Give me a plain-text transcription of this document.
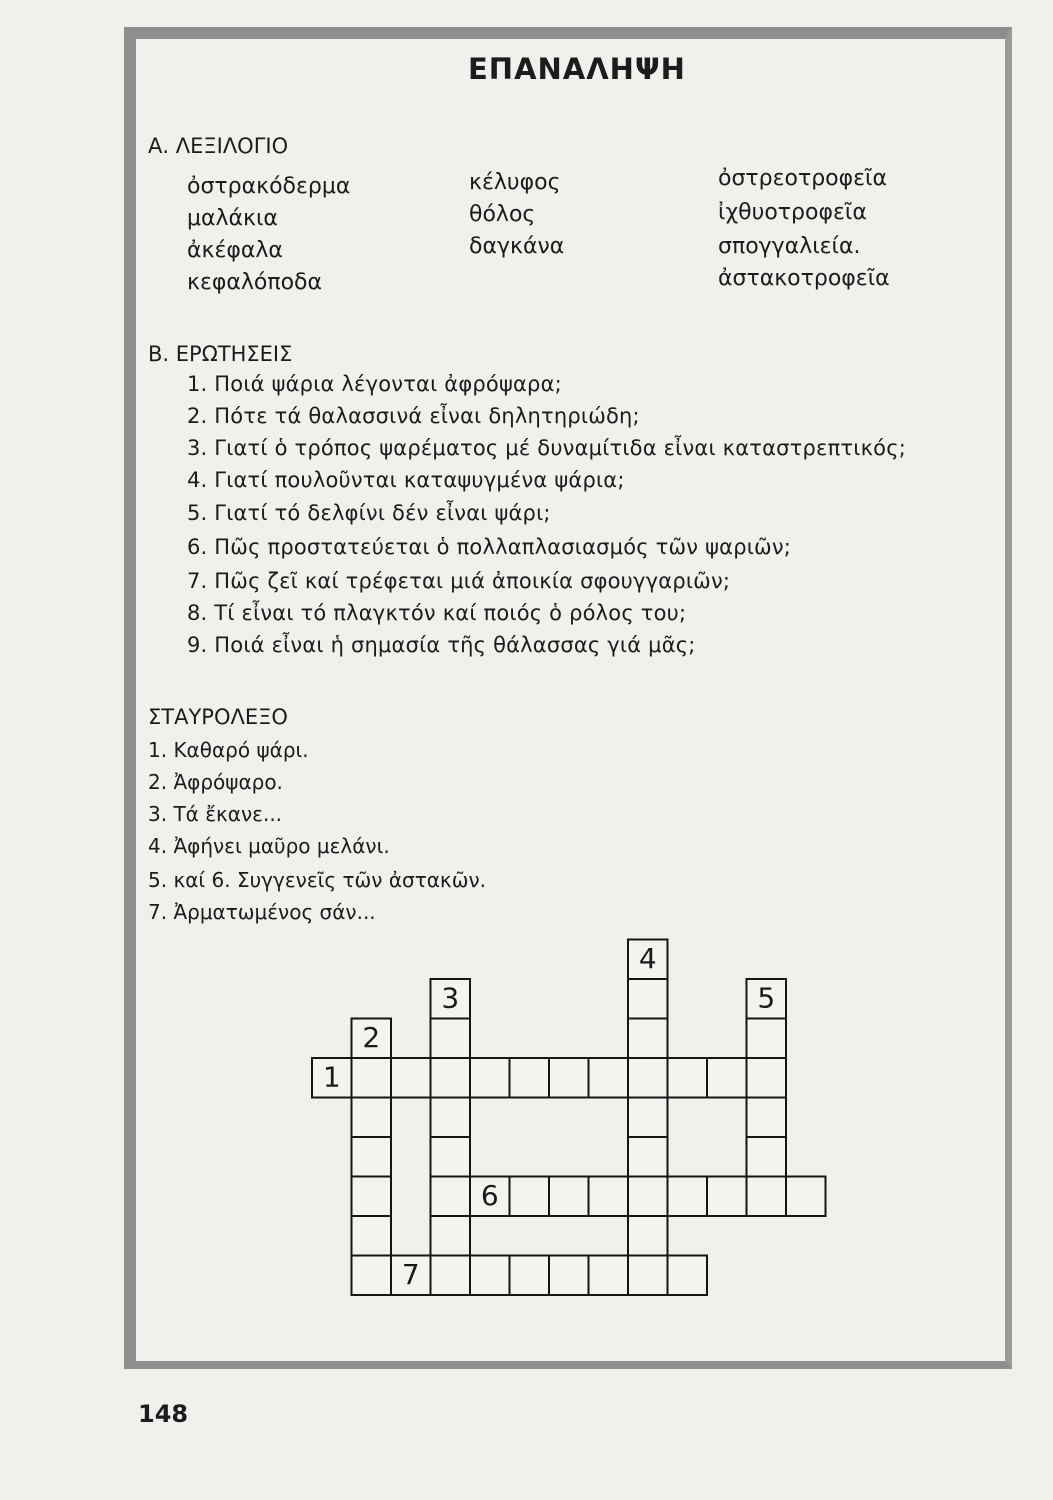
ΕΠΑΝΑΛΗΨΗ
Α. ΛΕΞΙΛΟΓΙΟ
ὀστρακόδερμα
μαλάκια
ἀκέφαλα
κεφαλόποδα
κέλυφος
θόλος
δαγκάνα
ὀστρεοτροφεῖα
ἰχθυοτροφεῖα
σπογγαλιεία.
ἀστακοτροφεῖα
Β. ΕΡΩΤΗΣΕΙΣ
1. Ποιά ψάρια λέγονται ἀφρόψαρα;
2. Πότε τά θαλασσινά εἶναι δηλητηριώδη;
3. Γιατί ὁ τρόπος ψαρέματος μέ δυναμίτιδα εἶναι καταστρεπτικός;
4. Γιατί πουλοῦνται καταψυγμένα ψάρια;
5. Γιατί τό δελφίνι δέν εἶναι ψάρι;
6. Πῶς προστατεύεται ὁ πολλαπλασιασμός τῶν ψαριῶν;
7. Πῶς ζεῖ καί τρέφεται μιά ἀποικία σφουγγαριῶν;
8. Τί εἶναι τό πλαγκτόν καί ποιός ὁ ρόλος του;
9. Ποιά εἶναι ἡ σημασία τῆς θάλασσας γιά μᾶς;
ΣΤΑΥΡΟΛΕΞΟ
1. Καθαρό ψάρι.
2. Ἀφρόψαρο.
3. Τά ἔκανε...
4. Ἀφήνει μαῦρο μελάνι.
5. καί 6. Συγγενεῖς τῶν ἀστακῶν.
7. Ἀρματωμένος σάν...
1
2
3
4
5
6
7
148
